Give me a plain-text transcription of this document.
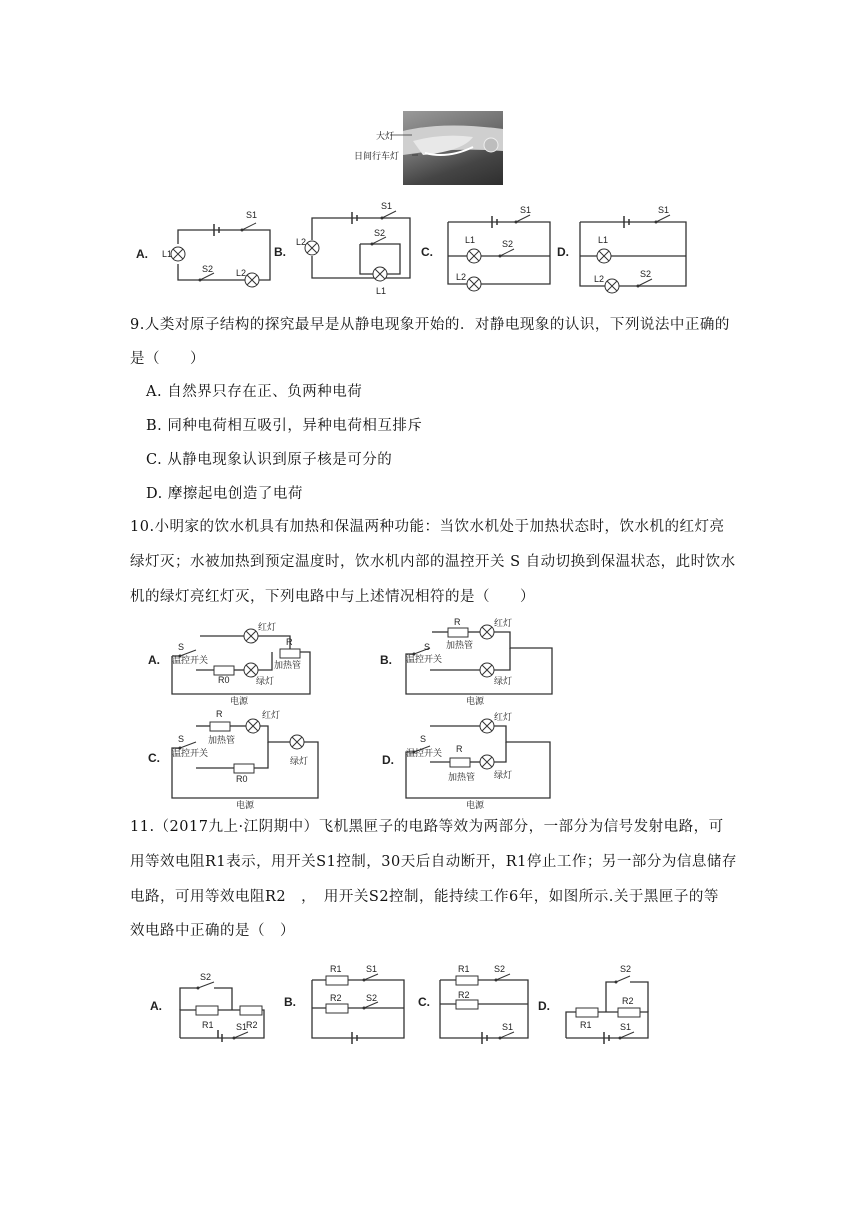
大灯
日间行车灯
A. L1
S1
S2	L2
B.
L2
S1
S2
L1
C.
S1
L1	S2
L2
D.
S1
L1
L2	S2
9.人类对原子结构的探究最早是从静电现象开始的．对静电现象的认识，下列说法中正确的
是（　　）
A. 自然界只存在正、负两种电荷
B. 同种电荷相互吸引，异种电荷相互排斥
C. 从静电现象认识到原子核是可分的
D. 摩擦起电创造了电荷
10.小明家的饮水机具有加热和保温两种功能：当饮水机处于加热状态时，饮水机的红灯亮
绿灯灭；水被加热到预定温度时，饮水机内部的温控开关 S 自动切换到保温状态，此时饮水
机的绿灯亮红灯灭，下列电路中与上述情况相符的是（　　）
A.
S
温控开关
红灯
R
加热管
R0	绿灯
电源
B.
S
温控开关
R
加热管
红灯
绿灯
电源
C.
S
温控开关
R
加热管
红灯
绿灯
R0
电源
D.
S
温控开关 R
加热管
红灯
绿灯
电源
11.（2017九上·江阴期中）飞机黑匣子的电路等效为两部分，一部分为信号发射电路，可
用等效电阻R1表示，用开关S1控制，30天后自动断开，R1停止工作；另一部分为信息储存
电路，可用等效电阻R2　，　用开关S2控制，能持续工作6年，如图所示.关于黑匣子的等
效电路中正确的是（　）
A.
S2
R1	R2
S1
B.
R1	S1
R2	S2	C.
R1	S2
R2
S1
D.
S2
R2
R1	S1
